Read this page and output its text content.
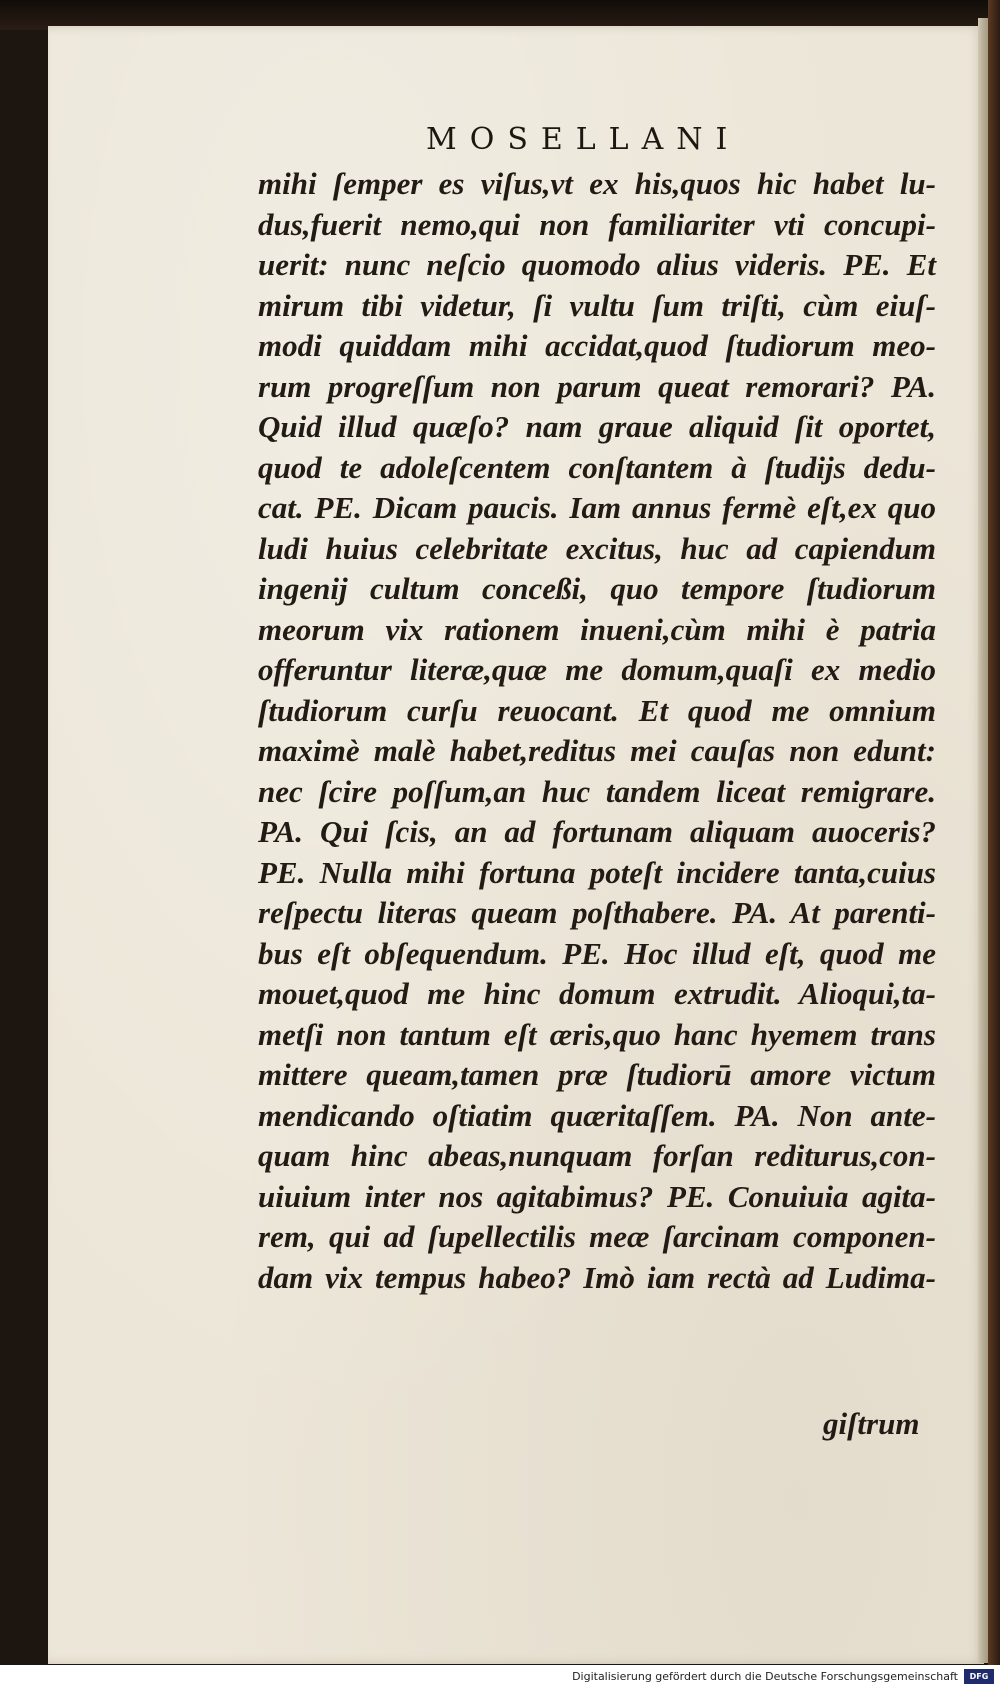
MOSELLANI
mihi ſemper es viſus,vt ex his,quos hic habet lu-
dus,fuerit nemo,qui non familiariter vti concupi-
uerit: nunc neſcio quomodo alius videris. PE. Et
mirum tibi videtur, ſi vultu ſum triſti, cùm eiuſ-
modi quiddam mihi accidat,quod ſtudiorum meo-
rum progreſſum non parum queat remorari? PA.
Quid illud quæſo? nam graue aliquid ſit oportet,
quod te adoleſcentem conſtantem à ſtudijs dedu-
cat. PE. Dicam paucis. Iam annus fermè eſt,ex quo
ludi huius celebritate excitus, huc ad capiendum
ingenij cultum conceßi, quo tempore ſtudiorum
meorum vix rationem inueni,cùm mihi è patria
offeruntur literæ,quæ me domum,quaſi ex medio
ſtudiorum curſu reuocant. Et quod me omnium
maximè malè habet,reditus mei cauſas non edunt:
nec ſcire poſſum,an huc tandem liceat remigrare.
PA. Qui ſcis, an ad fortunam aliquam auoceris?
PE. Nulla mihi fortuna poteſt incidere tanta,cuius
reſpectu literas queam poſthabere. PA. At parenti-
bus eſt obſequendum. PE. Hoc illud eſt, quod me
mouet,quod me hinc domum extrudit. Alioqui,ta-
metſi non tantum eſt æris,quo hanc hyemem trans
mittere queam,tamen præ ſtudiorū amore victum
mendicando oſtiatim quæritaſſem. PA. Non ante-
quam hinc abeas,nunquam forſan rediturus,con-
uiuium inter nos agitabimus? PE. Conuiuia agita-
rem, qui ad ſupellectilis meæ ſarcinam componen-
dam vix tempus habeo? Imò iam rectà ad Ludima-
giſtrum
Digitalisierung gefördert durch die Deutsche Forschungsgemeinschaft	DFG
